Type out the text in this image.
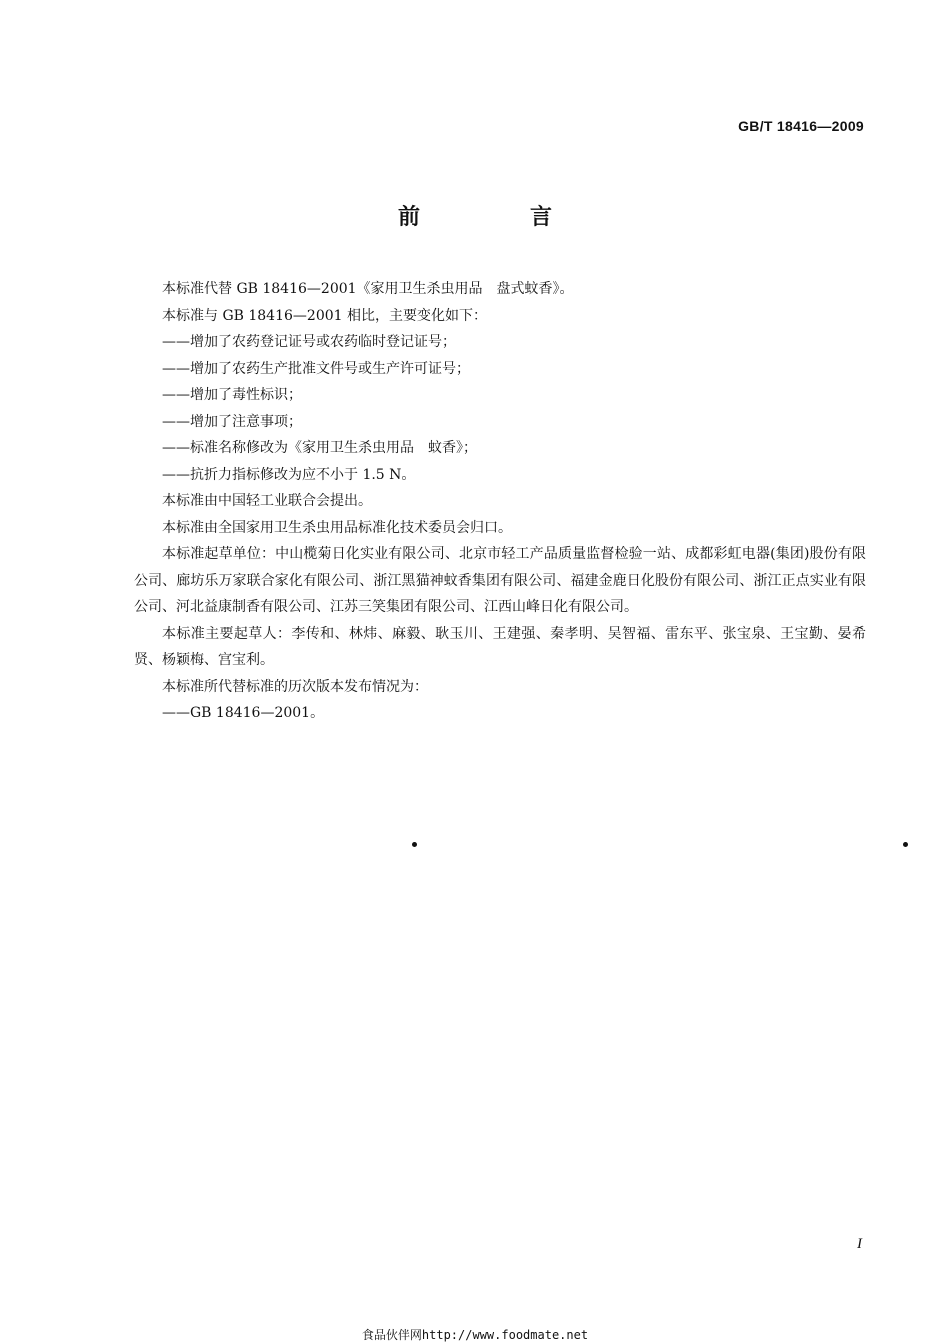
GB/T 18416—2009
前　言

本标准代替 GB 18416—2001《家用卫生杀虫用品　盘式蚊香》。

本标准与 GB 18416—2001 相比，主要变化如下：

——增加了农药登记证号或农药临时登记证号；

——增加了农药生产批准文件号或生产许可证号；

——增加了毒性标识；

——增加了注意事项；

——标准名称修改为《家用卫生杀虫用品　蚊香》；

——抗折力指标修改为应不小于 1.5 N。

本标准由中国轻工业联合会提出。

本标准由全国家用卫生杀虫用品标准化技术委员会归口。

本标准起草单位：中山榄菊日化实业有限公司、北京市轻工产品质量监督检验一站、成都彩虹电器(集团)股份有限公司、廊坊乐万家联合家化有限公司、浙江黑猫神蚊香集团有限公司、福建金鹿日化股份有限公司、浙江正点实业有限公司、河北益康制香有限公司、江苏三笑集团有限公司、江西山峰日化有限公司。

本标准主要起草人：李传和、林炜、麻毅、耿玉川、王建强、秦孝明、吴智福、雷东平、张宝泉、王宝勤、晏希贤、杨颖梅、宫宝利。

本标准所代替标准的历次版本发布情况为：

——GB 18416—2001。

I
食品伙伴网http://www.foodmate.net
